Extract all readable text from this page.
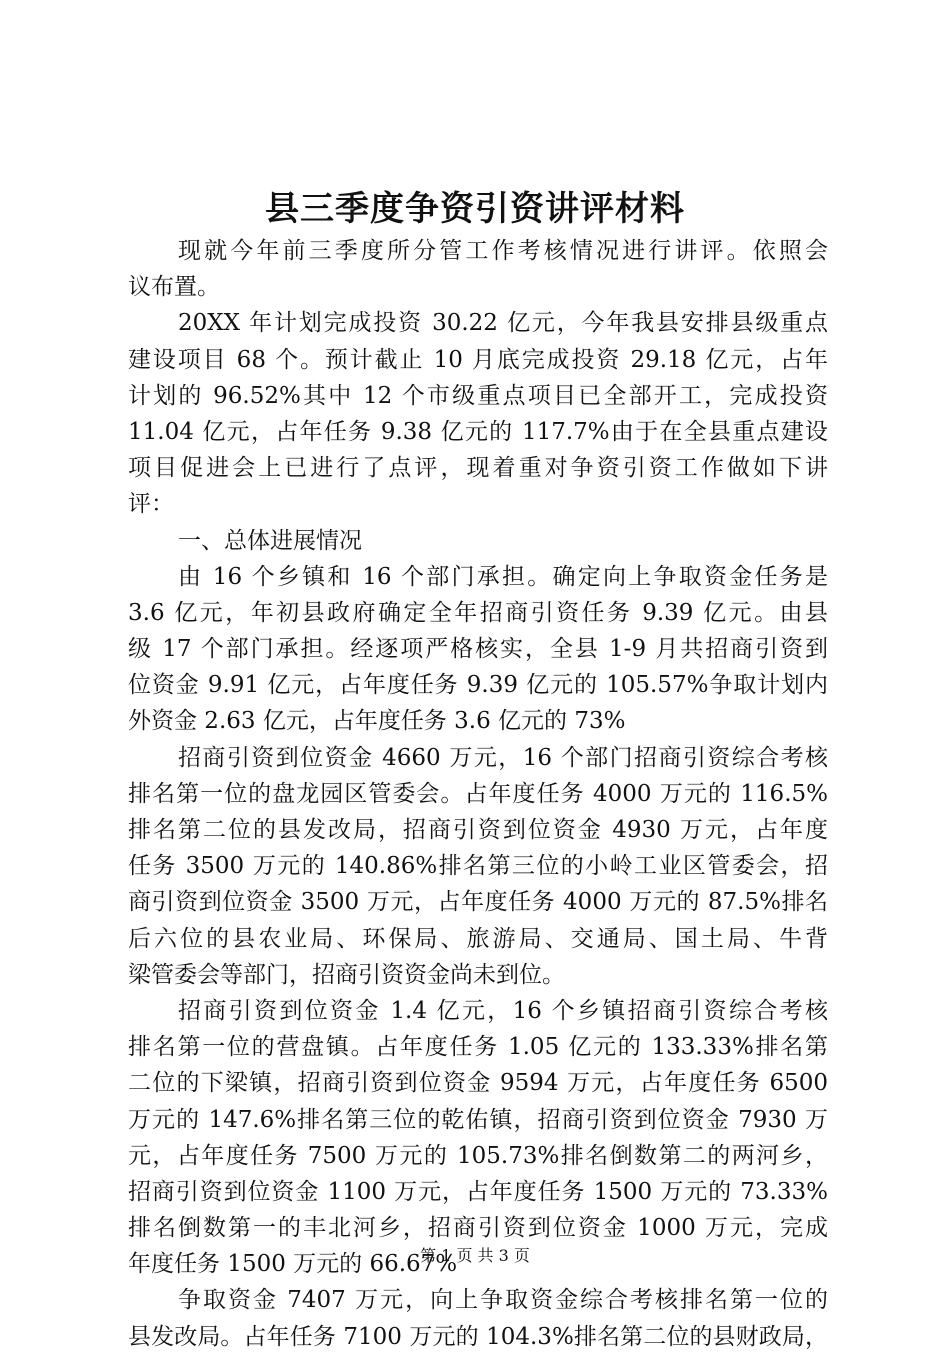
县三季度争资引资讲评材料
现就今年前三季度所分管工作考核情况进行讲评。依照会
议布置。
20XX 年计划完成投资 30.22 亿元，今年我县安排县级重点
建设项目 68 个。预计截止 10 月底完成投资 29.18 亿元，占年
计划的 96.52%其中 12 个市级重点项目已全部开工，完成投资
11.04 亿元，占年任务 9.38 亿元的 117.7%由于在全县重点建设
项目促进会上已进行了点评，现着重对争资引资工作做如下讲
评：
一、总体进展情况
由 16 个乡镇和 16 个部门承担。确定向上争取资金任务是
3.6 亿元，年初县政府确定全年招商引资任务 9.39 亿元。由县
级 17 个部门承担。经逐项严格核实，全县 1-9 月共招商引资到
位资金 9.91 亿元，占年度任务 9.39 亿元的 105.57%争取计划内
外资金 2.63 亿元，占年度任务 3.6 亿元的 73%
招商引资到位资金 4660 万元，16 个部门招商引资综合考核
排名第一位的盘龙园区管委会。占年度任务 4000 万元的 116.5%
排名第二位的县发改局，招商引资到位资金 4930 万元，占年度
任务 3500 万元的 140.86%排名第三位的小岭工业区管委会，招
商引资到位资金 3500 万元，占年度任务 4000 万元的 87.5%排名
后六位的县农业局、环保局、旅游局、交通局、国土局、牛背
梁管委会等部门，招商引资资金尚未到位。
招商引资到位资金 1.4 亿元，16 个乡镇招商引资综合考核
排名第一位的营盘镇。占年度任务 1.05 亿元的 133.33%排名第
二位的下梁镇，招商引资到位资金 9594 万元，占年度任务 6500
万元的 147.6%排名第三位的乾佑镇，招商引资到位资金 7930 万
元，占年度任务 7500 万元的 105.73%排名倒数第二的两河乡，
招商引资到位资金 1100 万元，占年度任务 1500 万元的 73.33%
排名倒数第一的丰北河乡，招商引资到位资金 1000 万元，完成
年度任务 1500 万元的 66.67%
争取资金 7407 万元，向上争取资金综合考核排名第一位的
县发改局。占年任务 7100 万元的 104.3%排名第二位的县财政局，
第 1 页 共 3 页
